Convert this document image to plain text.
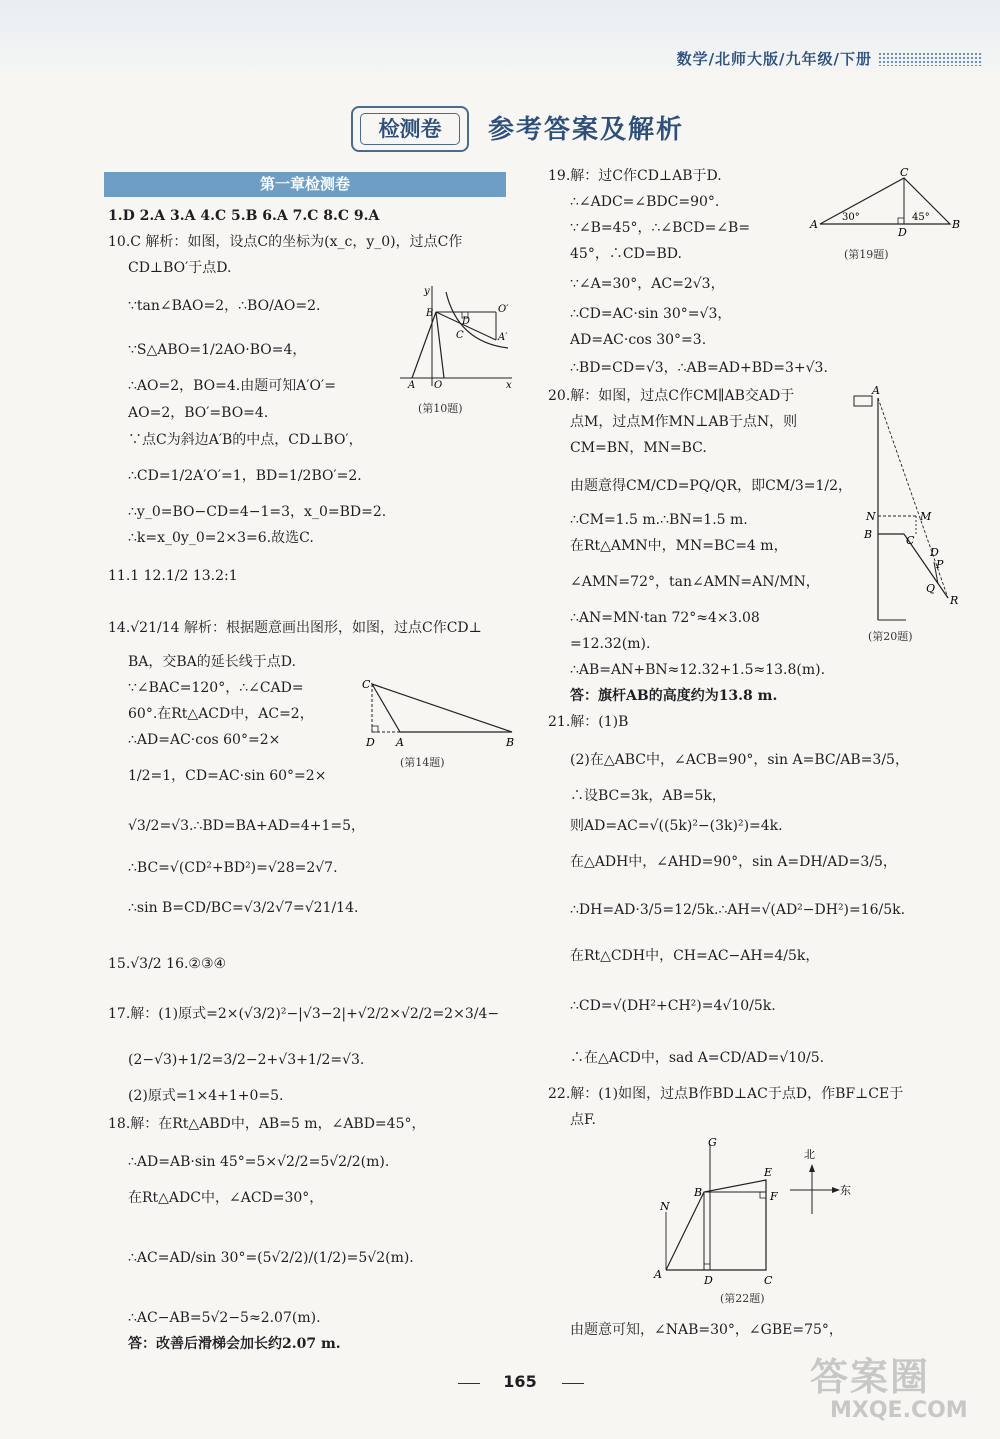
数学/北师大版/九年级/下册
检测卷	参考答案及解析
第一章检测卷
1.D 2.A 3.A 4.C 5.B 6.A 7.C 8.C 9.A
10.C 解析：如图，设点C的坐标为(x_c，y_0)，过点C作
CD⊥BO′于点D.
∵tan∠BAO=2，∴BO/AO=2.
∵S△ABO=1/2AO·BO=4，
∴AO=2，BO=4.由题可知A′O′=
AO=2，BO′=BO=4.
∵点C为斜边A′B的中点，CD⊥BO′，
∴CD=1/2A′O′=1，BD=1/2BO′=2.
∴y_0=BO−CD=4−1=3，x_0=BD=2.
∴k=x_0y_0=2×3=6.故选C.
11.1 12.1/2 13.2:1
14.√21/14 解析：根据题意画出图形，如图，过点C作CD⊥
BA，交BA的延长线于点D.
∵∠BAC=120°，∴∠CAD=
60°.在Rt△ACD中，AC=2，
∴AD=AC·cos 60°=2×
1/2=1，CD=AC·sin 60°=2×
√3/2=√3.∴BD=BA+AD=4+1=5，
∴BC=√(CD²+BD²)=√28=2√7.
∴sin B=CD/BC=√3/2√7=√21/14.
15.√3/2 16.②③④
17.解：(1)原式=2×(√3/2)²−|√3−2|+√2/2×√2/2=2×3/4−
(2−√3)+1/2=3/2−2+√3+1/2=√3.
(2)原式=1×4+1+0=5.
18.解：在Rt△ABD中，AB=5 m，∠ABD=45°，
∴AD=AB·sin 45°=5×√2/2=5√2/2(m).
在Rt△ADC中，∠ACD=30°，
∴AC=AD/sin 30°=(5√2/2)/(1/2)=5√2(m).
∴AC−AB=5√2−5≈2.07(m).
答：改善后滑梯会加长约2.07 m.
y
B	O′
D
C	A′
A O	x
(第10题)
C
D A	B
(第14题)
19.解：过C作CD⊥AB于D.
∴∠ADC=∠BDC=90°.
∵∠B=45°，∴∠BCD=∠B=
45°，∴CD=BD.
∵∠A=30°，AC=2√3，
∴CD=AC·sin 30°=√3，
AD=AC·cos 30°=3.
∴BD=CD=√3，∴AB=AD+BD=3+√3.
20.解：如图，过点C作CM∥AB交AD于
点M，过点M作MN⊥AB于点N，则
CM=BN，MN=BC.
由题意得CM/CD=PQ/QR，即CM/3=1/2，
∴CM=1.5 m.∴BN=1.5 m.
在Rt△AMN中，MN=BC=4 m，
∠AMN=72°，tan∠AMN=AN/MN，
∴AN=MN·tan 72°≈4×3.08
=12.32(m).
∴AB=AN+BN≈12.32+1.5≈13.8(m).
答：旗杆AB的高度约为13.8 m.
21.解：(1)B
(2)在△ABC中，∠ACB=90°，sin A=BC/AB=3/5，
∴设BC=3k，AB=5k，
则AD=AC=√((5k)²−(3k)²)=4k.
在△ADH中，∠AHD=90°，sin A=DH/AD=3/5，
∴DH=AD·3/5=12/5k.∴AH=√(AD²−DH²)=16/5k.
在Rt△CDH中，CH=AC−AH=4/5k，
∴CD=√(DH²+CH²)=4√10/5k.
∴在△ACD中，sad A=CD/AD=√10/5.
22.解：(1)如图，过点B作BD⊥AC于点D，作BF⊥CE于
点F.
由题意可知，∠NAB=30°，∠GBE=75°，
C
A
30°	45°
D
B
(第19题)
A
N	M
B	C
D
P
Q
R
(第20题)
G
北
东
E
B	F
N
A	D	C
(第22题)
165	答案圈
MXQE.COM
